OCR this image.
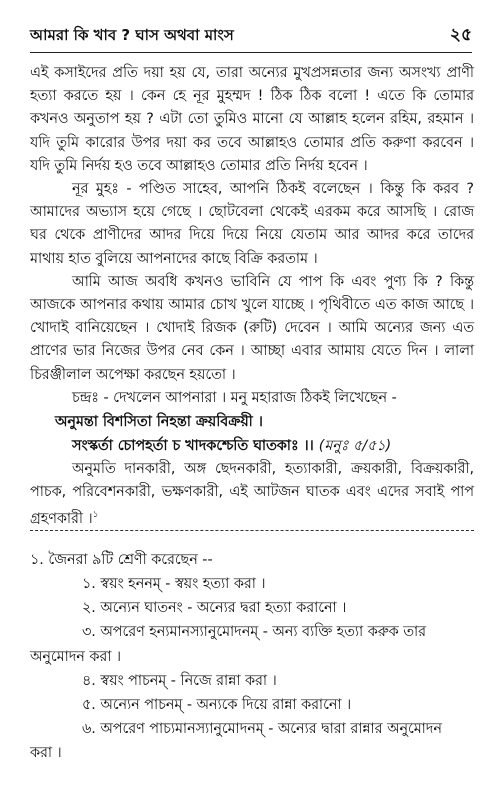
আমরা কি খাব ? ঘাস অথবা মাংস	২৫

এই কসাইদের প্রতি দয়া হয় যে, তারা অন্যের মুখপ্রসন্নতার জন্য অসংখ্য প্রাণী হত্যা করতে হয় । কেন হে নূর মুহম্মদ ! ঠিক ঠিক বলো ! এতে কি তোমার কখনও অনুতাপ হয় ? এটা তো তুমিও মানো যে আল্লাহ হলেন রহিম, রহমান । যদি তুমি কারোর উপর দয়া কর তবে আল্লাহও তোমার প্রতি করুণা করবেন । যদি তুমি নির্দয় হও তবে আল্লাহও তোমার প্রতি নির্দয় হবেন ।

নূর মুহঃ - পণ্ডিত সাহেব, আপনি ঠিকই বলেছেন । কিন্তু কি করব ? আমাদের অভ্যাস হয়ে গেছে । ছোটবেলা থেকেই এরকম করে আসছি । রোজ ঘর থেকে প্রাণীদের আদর দিয়ে দিয়ে নিয়ে যেতাম আর আদর করে তাদের মাথায় হাত বুলিয়ে আপনাদের কাছে বিক্রি করতাম ।

আমি আজ অবধি কখনও ভাবিনি যে পাপ কি এবং পুণ্য কি ? কিন্তু আজকে আপনার কথায় আমার চোখ খুলে যাচ্ছে । পৃথিবীতে এত কাজ আছে । খোদাই বানিয়েছেন । খোদাই রিজক (রুটি) দেবেন । আমি অন্যের জন্য এত প্রাণের ভার নিজের উপর নেব কেন । আচ্ছা এবার আমায় যেতে দিন । লালা চিরঞ্জীলাল অপেক্ষা করছেন হয়তো ।

চন্দ্রঃ - দেখলেন আপনারা । মনু মহারাজ ঠিকই লিখেছেন -

অনুমন্তা বিশসিতা নিহন্তা ক্রয়বিক্রয়ী ।

সংস্কর্তা চোপহর্তা চ খাদকশ্চেতি ঘাতকাঃ ।। (মনুঃ ৫/৫১)

অনুমতি দানকারী, অঙ্গ ছেদনকারী, হত্যাকারী, ক্রয়কারী, বিক্রয়কারী, পাচক, পরিবেশনকারী, ভক্ষণকারী, এই আটজন ঘাতক এবং এদের সবাই পাপ গ্রহণকারী ।$^১$

১. জৈনরা ৯টি শ্রেণী করেছেন --

১. স্বয়ং হননম্‌ - স্বয়ং হত্যা করা ।

২. অন্যেন ঘাতনং - অন্যের দ্বরা হত্যা করানো ।

৩. অপরেণ হন্যমানস্যানুমোদনম্‌ - অন্য ব্যক্তি হত্যা করুক তার

অনুমোদন করা ।

৪. স্বয়ং পাচনম্‌ - নিজে রান্না করা ।

৫. অন্যেন পাচনম্‌ - অন্যকে দিয়ে রান্না করানো ।

৬. অপরেণ পাচ্যমানস্যানুমোদনম্‌ - অন্যের দ্বারা রান্নার অনুমোদন

করা ।
